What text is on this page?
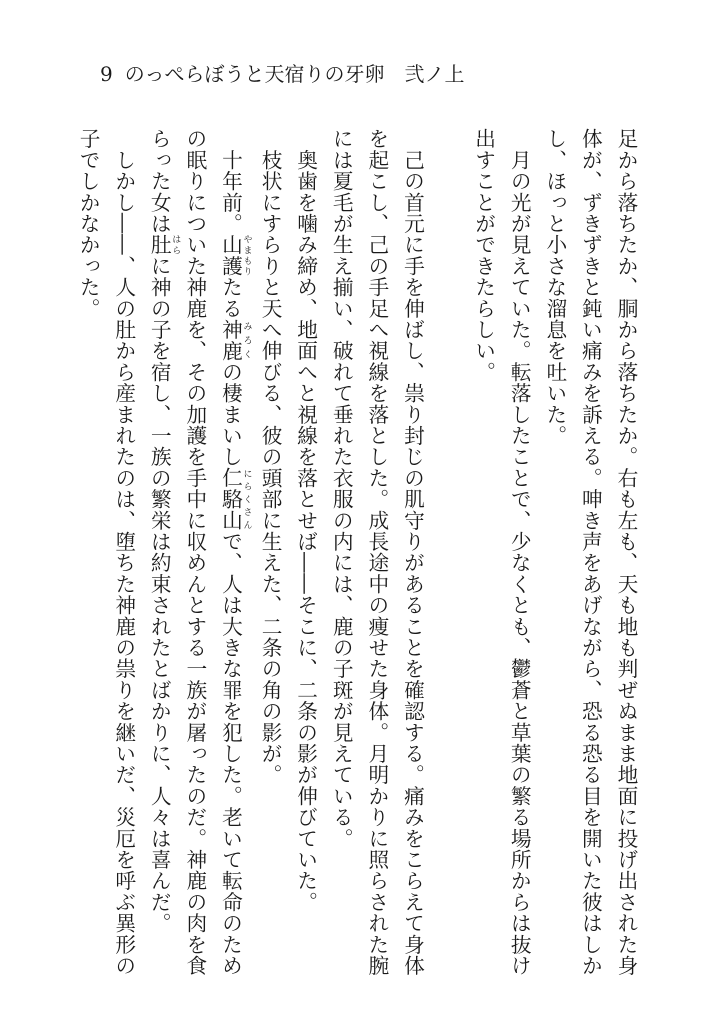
9 のっぺらぼうと天宿りの牙卵　弐ノ上

足から落ちたか、胴から落ちたか。右も左も、天も地も判ぜぬまま地面に投げ出された身体が、ずきずきと鈍い痛みを訴える。呻き声をあげながら、恐る恐る目を開いた彼はしかし、ほっと小さな溜息を吐いた。

　月の光が見えていた。転落したことで、少なくとも、鬱蒼と草葉の繁る場所からは抜け出すことができたらしい。

　己の首元に手を伸ばし、祟り封じの肌守りがあることを確認する。痛みをこらえて身体を起こし、己の手足へ視線を落とした。成長途中の痩せた身体。月明かりに照らされた腕には夏毛が生え揃い、破れて垂れた衣服の内には、鹿の子斑が見えている。

　奥歯を噛み締め、地面へと視線を落とせば――そこに、二条の影が伸びていた。

　枝状にすらりと天へ伸びる、彼の頭部に生えた、二条の角の影が。

　十年前。山護 やまもりたる神鹿 みろくの棲まいし仁駱山 にらくさんで、人は大きな罪を犯した。老いて転命のための眠りについた神鹿を、その加護を手中に収めんとする一族が屠ったのだ。神鹿の肉を食らった女は肚 はらに神の子を宿し、一族の繁栄は約束されたとばかりに、人々は喜んだ。

　しかし――、人の肚から産まれたのは、堕ちた神鹿の祟りを継いだ、災厄を呼ぶ異形の子でしかなかった。
